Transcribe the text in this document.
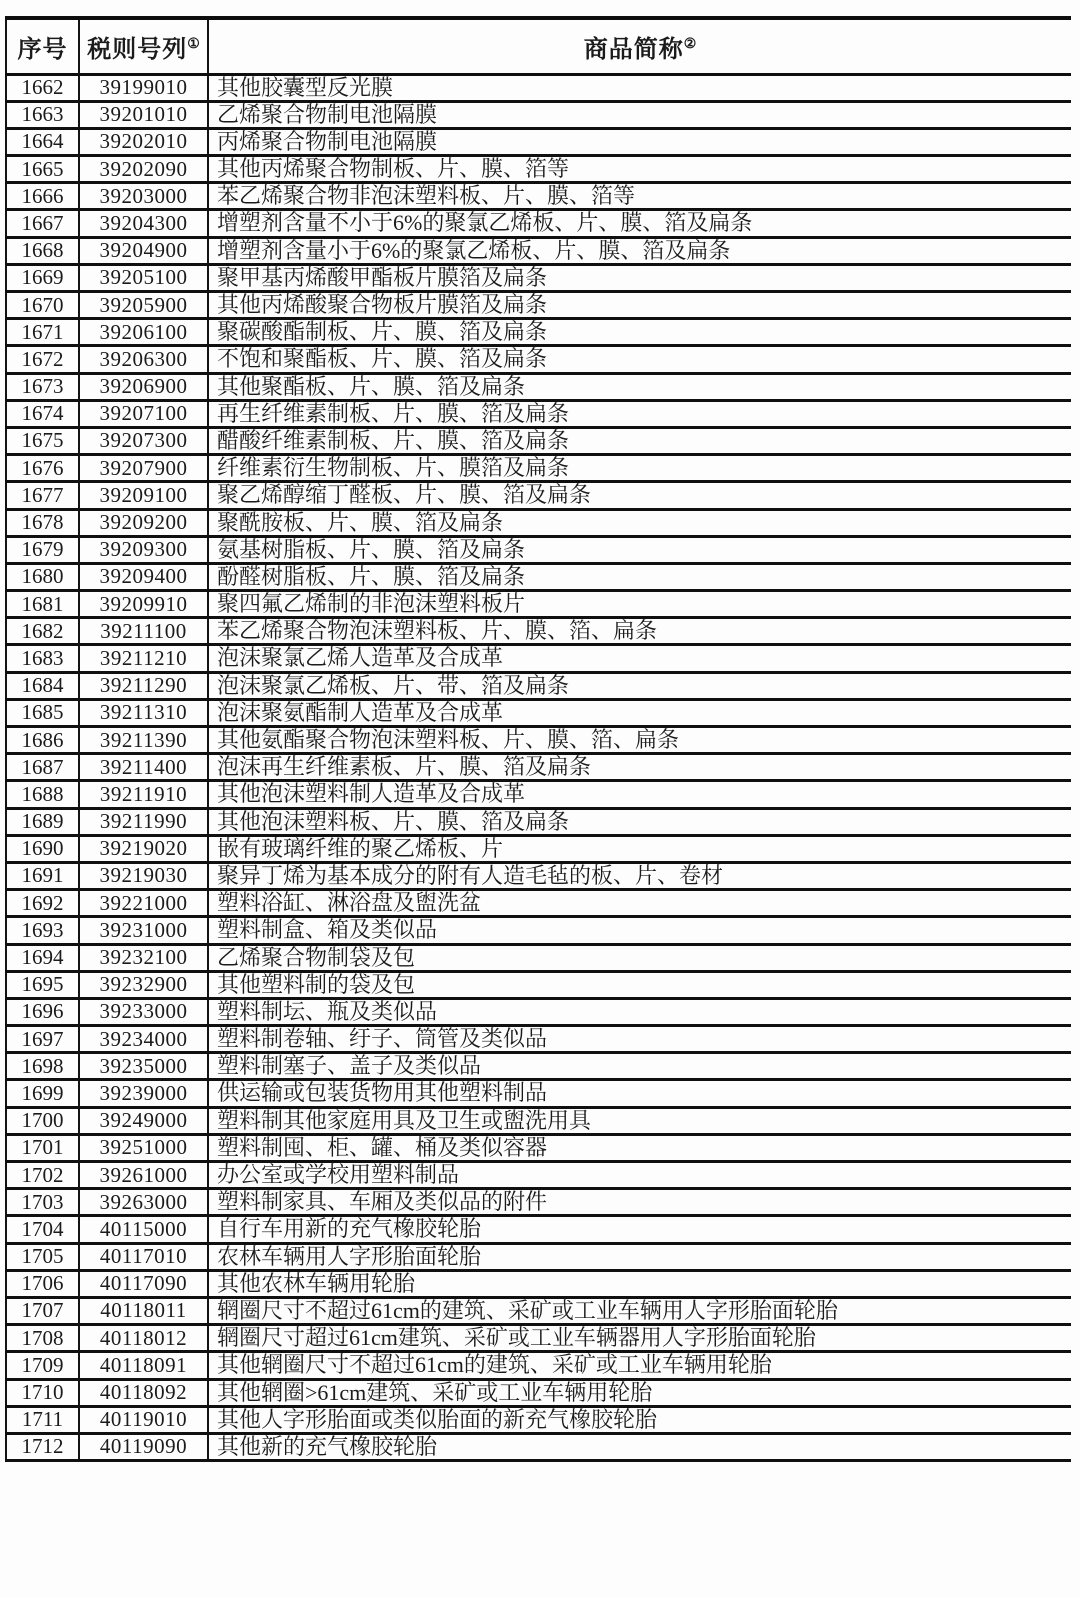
序号	税则号列①	商品简称②
1662	39199010	其他胶囊型反光膜
1663	39201010	乙烯聚合物制电池隔膜
1664	39202010	丙烯聚合物制电池隔膜
1665	39202090	其他丙烯聚合物制板、片、膜、箔等
1666	39203000	苯乙烯聚合物非泡沫塑料板、片、膜、箔等
1667	39204300	增塑剂含量不小于6%的聚氯乙烯板、片、膜、箔及扁条
1668	39204900	增塑剂含量小于6%的聚氯乙烯板、片、膜、箔及扁条
1669	39205100	聚甲基丙烯酸甲酯板片膜箔及扁条
1670	39205900	其他丙烯酸聚合物板片膜箔及扁条
1671	39206100	聚碳酸酯制板、片、膜、箔及扁条
1672	39206300	不饱和聚酯板、片、膜、箔及扁条
1673	39206900	其他聚酯板、片、膜、箔及扁条
1674	39207100	再生纤维素制板、片、膜、箔及扁条
1675	39207300	醋酸纤维素制板、片、膜、箔及扁条
1676	39207900	纤维素衍生物制板、片、膜箔及扁条
1677	39209100	聚乙烯醇缩丁醛板、片、膜、箔及扁条
1678	39209200	聚酰胺板、片、膜、箔及扁条
1679	39209300	氨基树脂板、片、膜、箔及扁条
1680	39209400	酚醛树脂板、片、膜、箔及扁条
1681	39209910	聚四氟乙烯制的非泡沫塑料板片
1682	39211100	苯乙烯聚合物泡沫塑料板、片、膜、箔、扁条
1683	39211210	泡沫聚氯乙烯人造革及合成革
1684	39211290	泡沫聚氯乙烯板、片、带、箔及扁条
1685	39211310	泡沫聚氨酯制人造革及合成革
1686	39211390	其他氨酯聚合物泡沫塑料板、片、膜、箔、扁条
1687	39211400	泡沫再生纤维素板、片、膜、箔及扁条
1688	39211910	其他泡沫塑料制人造革及合成革
1689	39211990	其他泡沫塑料板、片、膜、箔及扁条
1690	39219020	嵌有玻璃纤维的聚乙烯板、片
1691	39219030	聚异丁烯为基本成分的附有人造毛毡的板、片、卷材
1692	39221000	塑料浴缸、淋浴盘及盥洗盆
1693	39231000	塑料制盒、箱及类似品
1694	39232100	乙烯聚合物制袋及包
1695	39232900	其他塑料制的袋及包
1696	39233000	塑料制坛、瓶及类似品
1697	39234000	塑料制卷轴、纡子、筒管及类似品
1698	39235000	塑料制塞子、盖子及类似品
1699	39239000	供运输或包装货物用其他塑料制品
1700	39249000	塑料制其他家庭用具及卫生或盥洗用具
1701	39251000	塑料制囤、柜、罐、桶及类似容器
1702	39261000	办公室或学校用塑料制品
1703	39263000	塑料制家具、车厢及类似品的附件
1704	40115000	自行车用新的充气橡胶轮胎
1705	40117010	农林车辆用人字形胎面轮胎
1706	40117090	其他农林车辆用轮胎
1707	40118011	辋圈尺寸不超过61cm的建筑、采矿或工业车辆用人字形胎面轮胎
1708	40118012	辋圈尺寸超过61cm建筑、采矿或工业车辆器用人字形胎面轮胎
1709	40118091	其他辋圈尺寸不超过61cm的建筑、采矿或工业车辆用轮胎
1710	40118092	其他辋圈>61cm建筑、采矿或工业车辆用轮胎
1711	40119010	其他人字形胎面或类似胎面的新充气橡胶轮胎
1712	40119090	其他新的充气橡胶轮胎
